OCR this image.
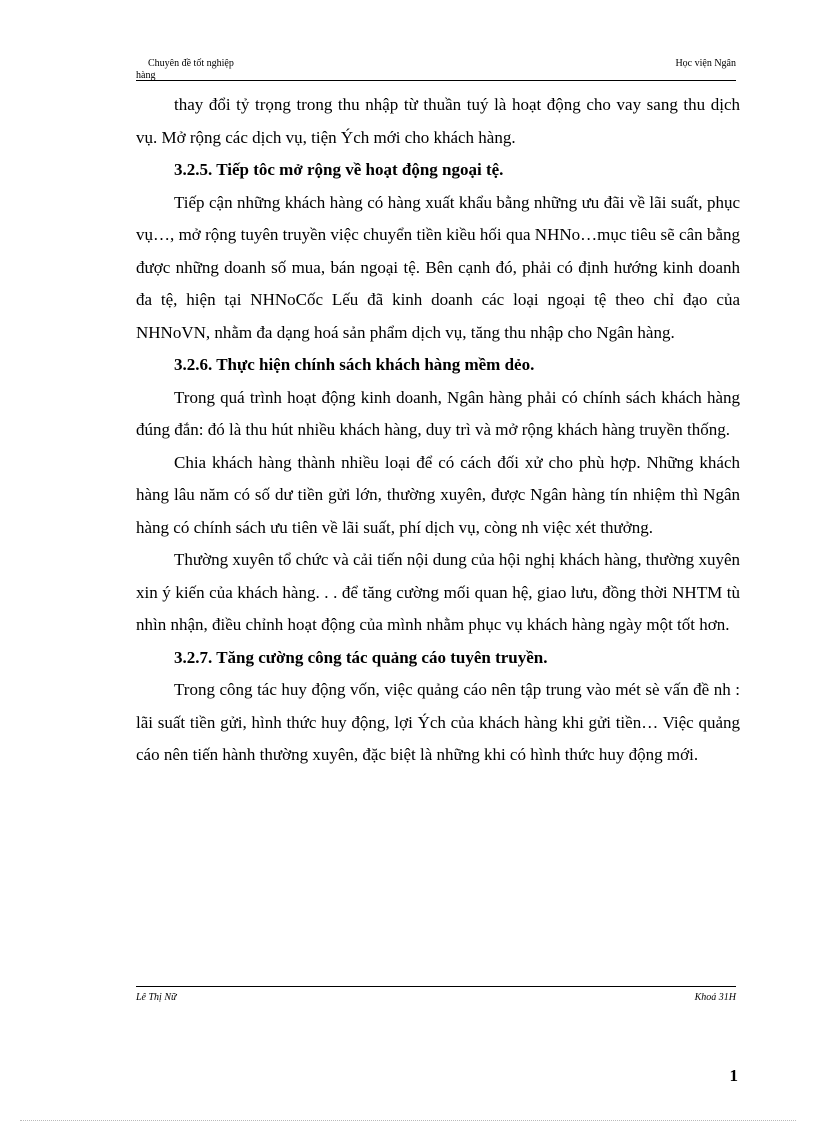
Chuyên đề tốt nghiệp
hàng
Học viện Ngân

thay đổi tỷ trọng trong thu nhập từ thuần tuý là hoạt động cho vay sang thu dịch vụ. Mở rộng các dịch vụ, tiện Ých mới cho khách hàng.

3.2.5. Tiếp tôc mở rộng về hoạt động ngoại tệ.

Tiếp cận những khách hàng có hàng xuất khẩu bằng những ưu đãi về lãi suất, phục vụ…, mở rộng tuyên truyền việc chuyển tiền kiều hối qua NHNo…mục tiêu sẽ cân bằng được những doanh số mua, bán ngoại tệ. Bên cạnh đó, phải có định hướng kinh doanh đa tệ, hiện tại NHNoCốc Lếu đã kinh doanh các loại ngoại tệ theo chỉ đạo của NHNoVN, nhằm đa dạng hoá sản phẩm dịch vụ, tăng thu nhập cho Ngân hàng.

3.2.6. Thực hiện chính sách khách hàng mềm dẻo.

Trong quá trình hoạt động kinh doanh, Ngân hàng phải có chính sách khách hàng đúng đắn: đó là thu hút nhiều khách hàng, duy trì và mở rộng khách hàng truyền thống.

Chia khách hàng thành nhiều loại để có cách đối xử cho phù hợp. Những khách hàng lâu năm có số dư tiền gửi lớn, thường xuyên, được Ngân hàng tín nhiệm thì Ngân hàng có chính sách ưu tiên về lãi suất, phí dịch vụ, còng nh việc xét thưởng.

Thường xuyên tổ chức và cải tiến nội dung của hội nghị khách hàng, thường xuyên xin ý kiến của khách hàng. . . để tăng cường mối quan hệ, giao lưu, đồng thời NHTM tù nhìn nhận, điều chỉnh hoạt động của mình nhằm phục vụ khách hàng ngày một tốt hơn.

3.2.7. Tăng cường công tác quảng cáo tuyên truyền.

Trong công tác huy động vốn, việc quảng cáo nên tập trung vào mét sè vấn đề nh : lãi suất tiền gửi, hình thức huy động, lợi Ých của khách hàng khi gửi tiền… Việc quảng cáo nên tiến hành thường xuyên, đặc biệt là những khi có hình thức huy động mới.

Lê Thị Nữ	Khoá 31H
1
